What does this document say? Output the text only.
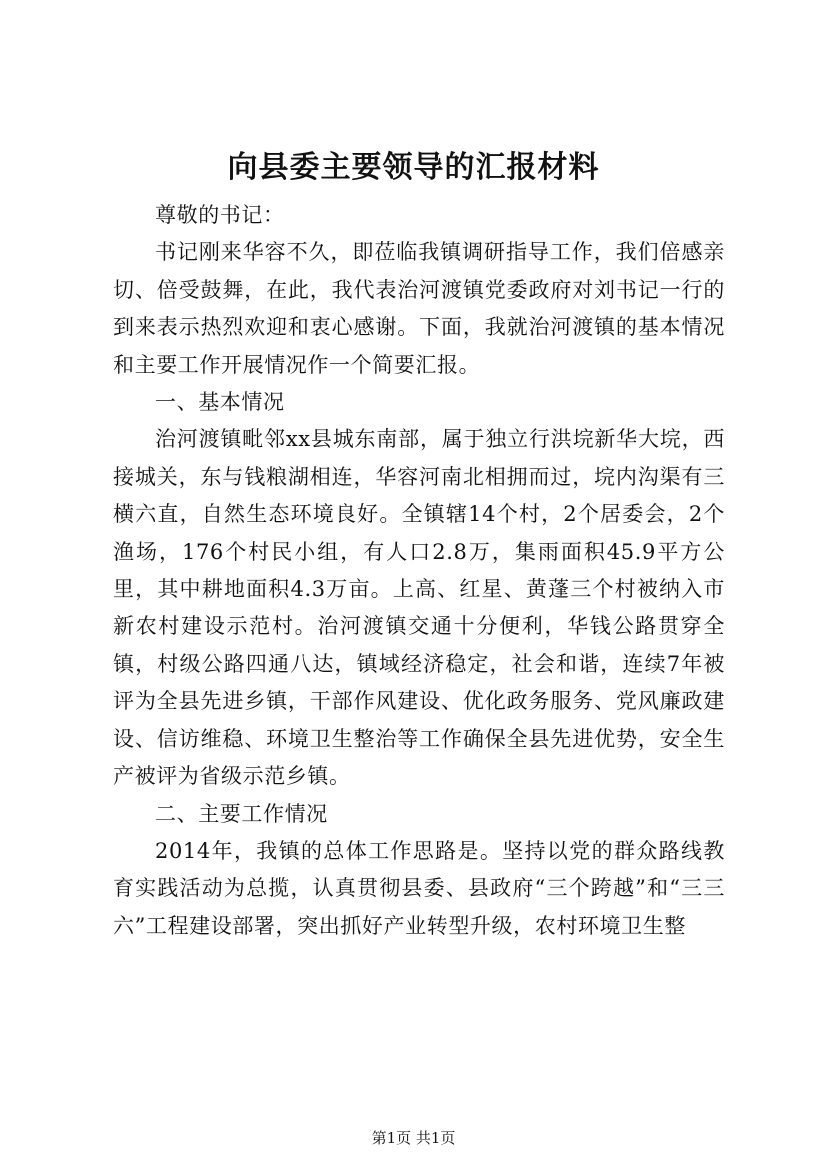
向县委主要领导的汇报材料

尊敬的书记：

书记刚来华容不久，即莅临我镇调研指导工作，我们倍感亲切、倍受鼓舞，在此，我代表治河渡镇党委政府对刘书记一行的到来表示热烈欢迎和衷心感谢。下面，我就治河渡镇的基本情况和主要工作开展情况作一个简要汇报。

一、基本情况

治河渡镇毗邻xx县城东南部，属于独立行洪垸新华大垸，西接城关，东与钱粮湖相连，华容河南北相拥而过，垸内沟渠有三横六直，自然生态环境良好。全镇辖14个村，2个居委会，2个渔场，176个村民小组，有人口2.8万，集雨面积45.9平方公里，其中耕地面积4.3万亩。上高、红星、黄蓬三个村被纳入市新农村建设示范村。治河渡镇交通十分便利，华钱公路贯穿全镇，村级公路四通八达，镇域经济稳定，社会和谐，连续7年被评为全县先进乡镇，干部作风建设、优化政务服务、党风廉政建设、信访维稳、环境卫生整治等工作确保全县先进优势，安全生产被评为省级示范乡镇。

二、主要工作情况

2014年，我镇的总体工作思路是。坚持以党的群众路线教育实践活动为总揽，认真贯彻县委、县政府“三个跨越”和“三三六”工程建设部署，突出抓好产业转型升级，农村环境卫生整

第1页 共1页
